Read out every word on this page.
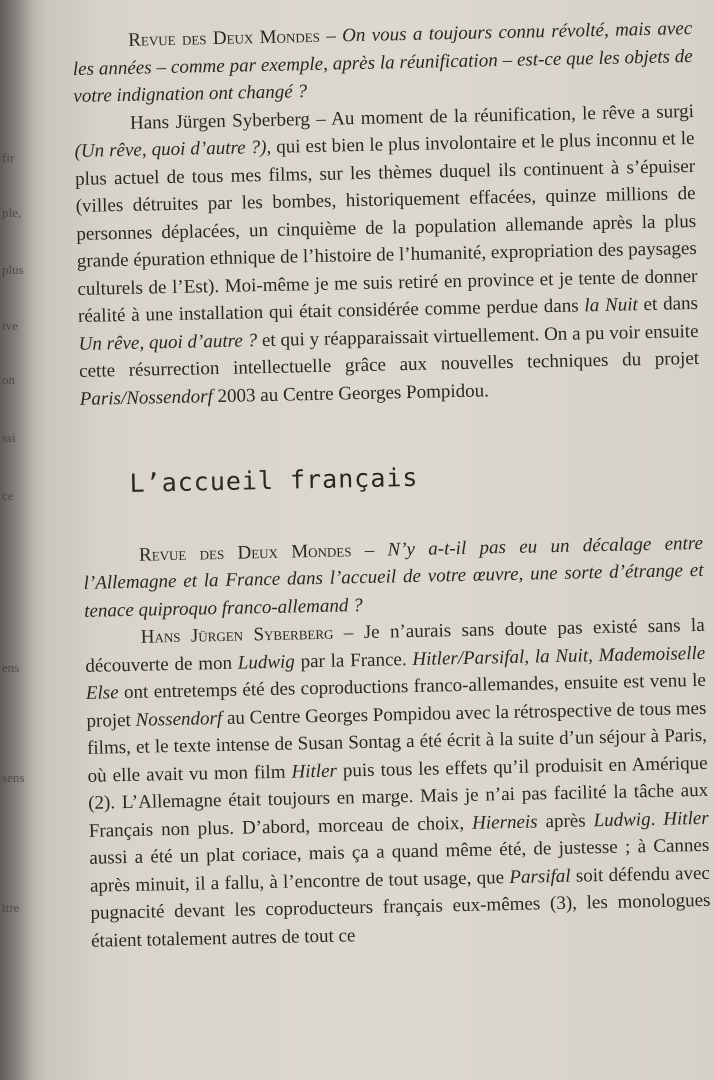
fir
ple,
plus
ive
on
ssi
ce
ens
sens
itre

Revue des Deux Mondes – On vous a toujours connu révolté, mais avec les années – comme par exemple, après la réunification – est-ce que les objets de votre indignation ont changé ?

Hans Jürgen Syberberg – Au moment de la réunification, le rêve a surgi (Un rêve, quoi d’autre ?), qui est bien le plus involontaire et le plus inconnu et le plus actuel de tous mes films, sur les thèmes duquel ils continuent à s’épuiser (villes détruites par les bombes, historiquement effacées, quinze millions de personnes déplacées, un cinquième de la population allemande après la plus grande épuration ethnique de l’histoire de l’humanité, expropriation des paysages culturels de l’Est). Moi-même je me suis retiré en province et je tente de donner réalité à une installation qui était considérée comme perdue dans la Nuit et dans Un rêve, quoi d’autre ? et qui y réapparaissait virtuellement. On a pu voir ensuite cette résurrection intellectuelle grâce aux nouvelles techniques du projet Paris/Nossendorf 2003 au Centre Georges Pompidou.

L’accueil français

Revue des Deux Mondes – N’y a-t-il pas eu un décalage entre l’Allemagne et la France dans l’accueil de votre œuvre, une sorte d’étrange et tenace quiproquo franco-allemand ?

Hans Jürgen Syberberg – Je n’aurais sans doute pas existé sans la découverte de mon Ludwig par la France. Hitler/Parsifal, la Nuit, Mademoiselle Else ont entretemps été des coproductions franco-allemandes, ensuite est venu le projet Nossendorf au Centre Georges Pompidou avec la rétrospective de tous mes films, et le texte intense de Susan Sontag a été écrit à la suite d’un séjour à Paris, où elle avait vu mon film Hitler puis tous les effets qu’il produisit en Amérique (2). L’Allemagne était toujours en marge. Mais je n’ai pas facilité la tâche aux Français non plus. D’abord, morceau de choix, Hierneis après Ludwig. Hitler aussi a été un plat coriace, mais ça a quand même été, de justesse ; à Cannes après minuit, il a fallu, à l’encontre de tout usage, que Parsifal soit défendu avec pugnacité devant les coproducteurs français eux-mêmes (3), les monologues étaient totalement autres de tout ce
